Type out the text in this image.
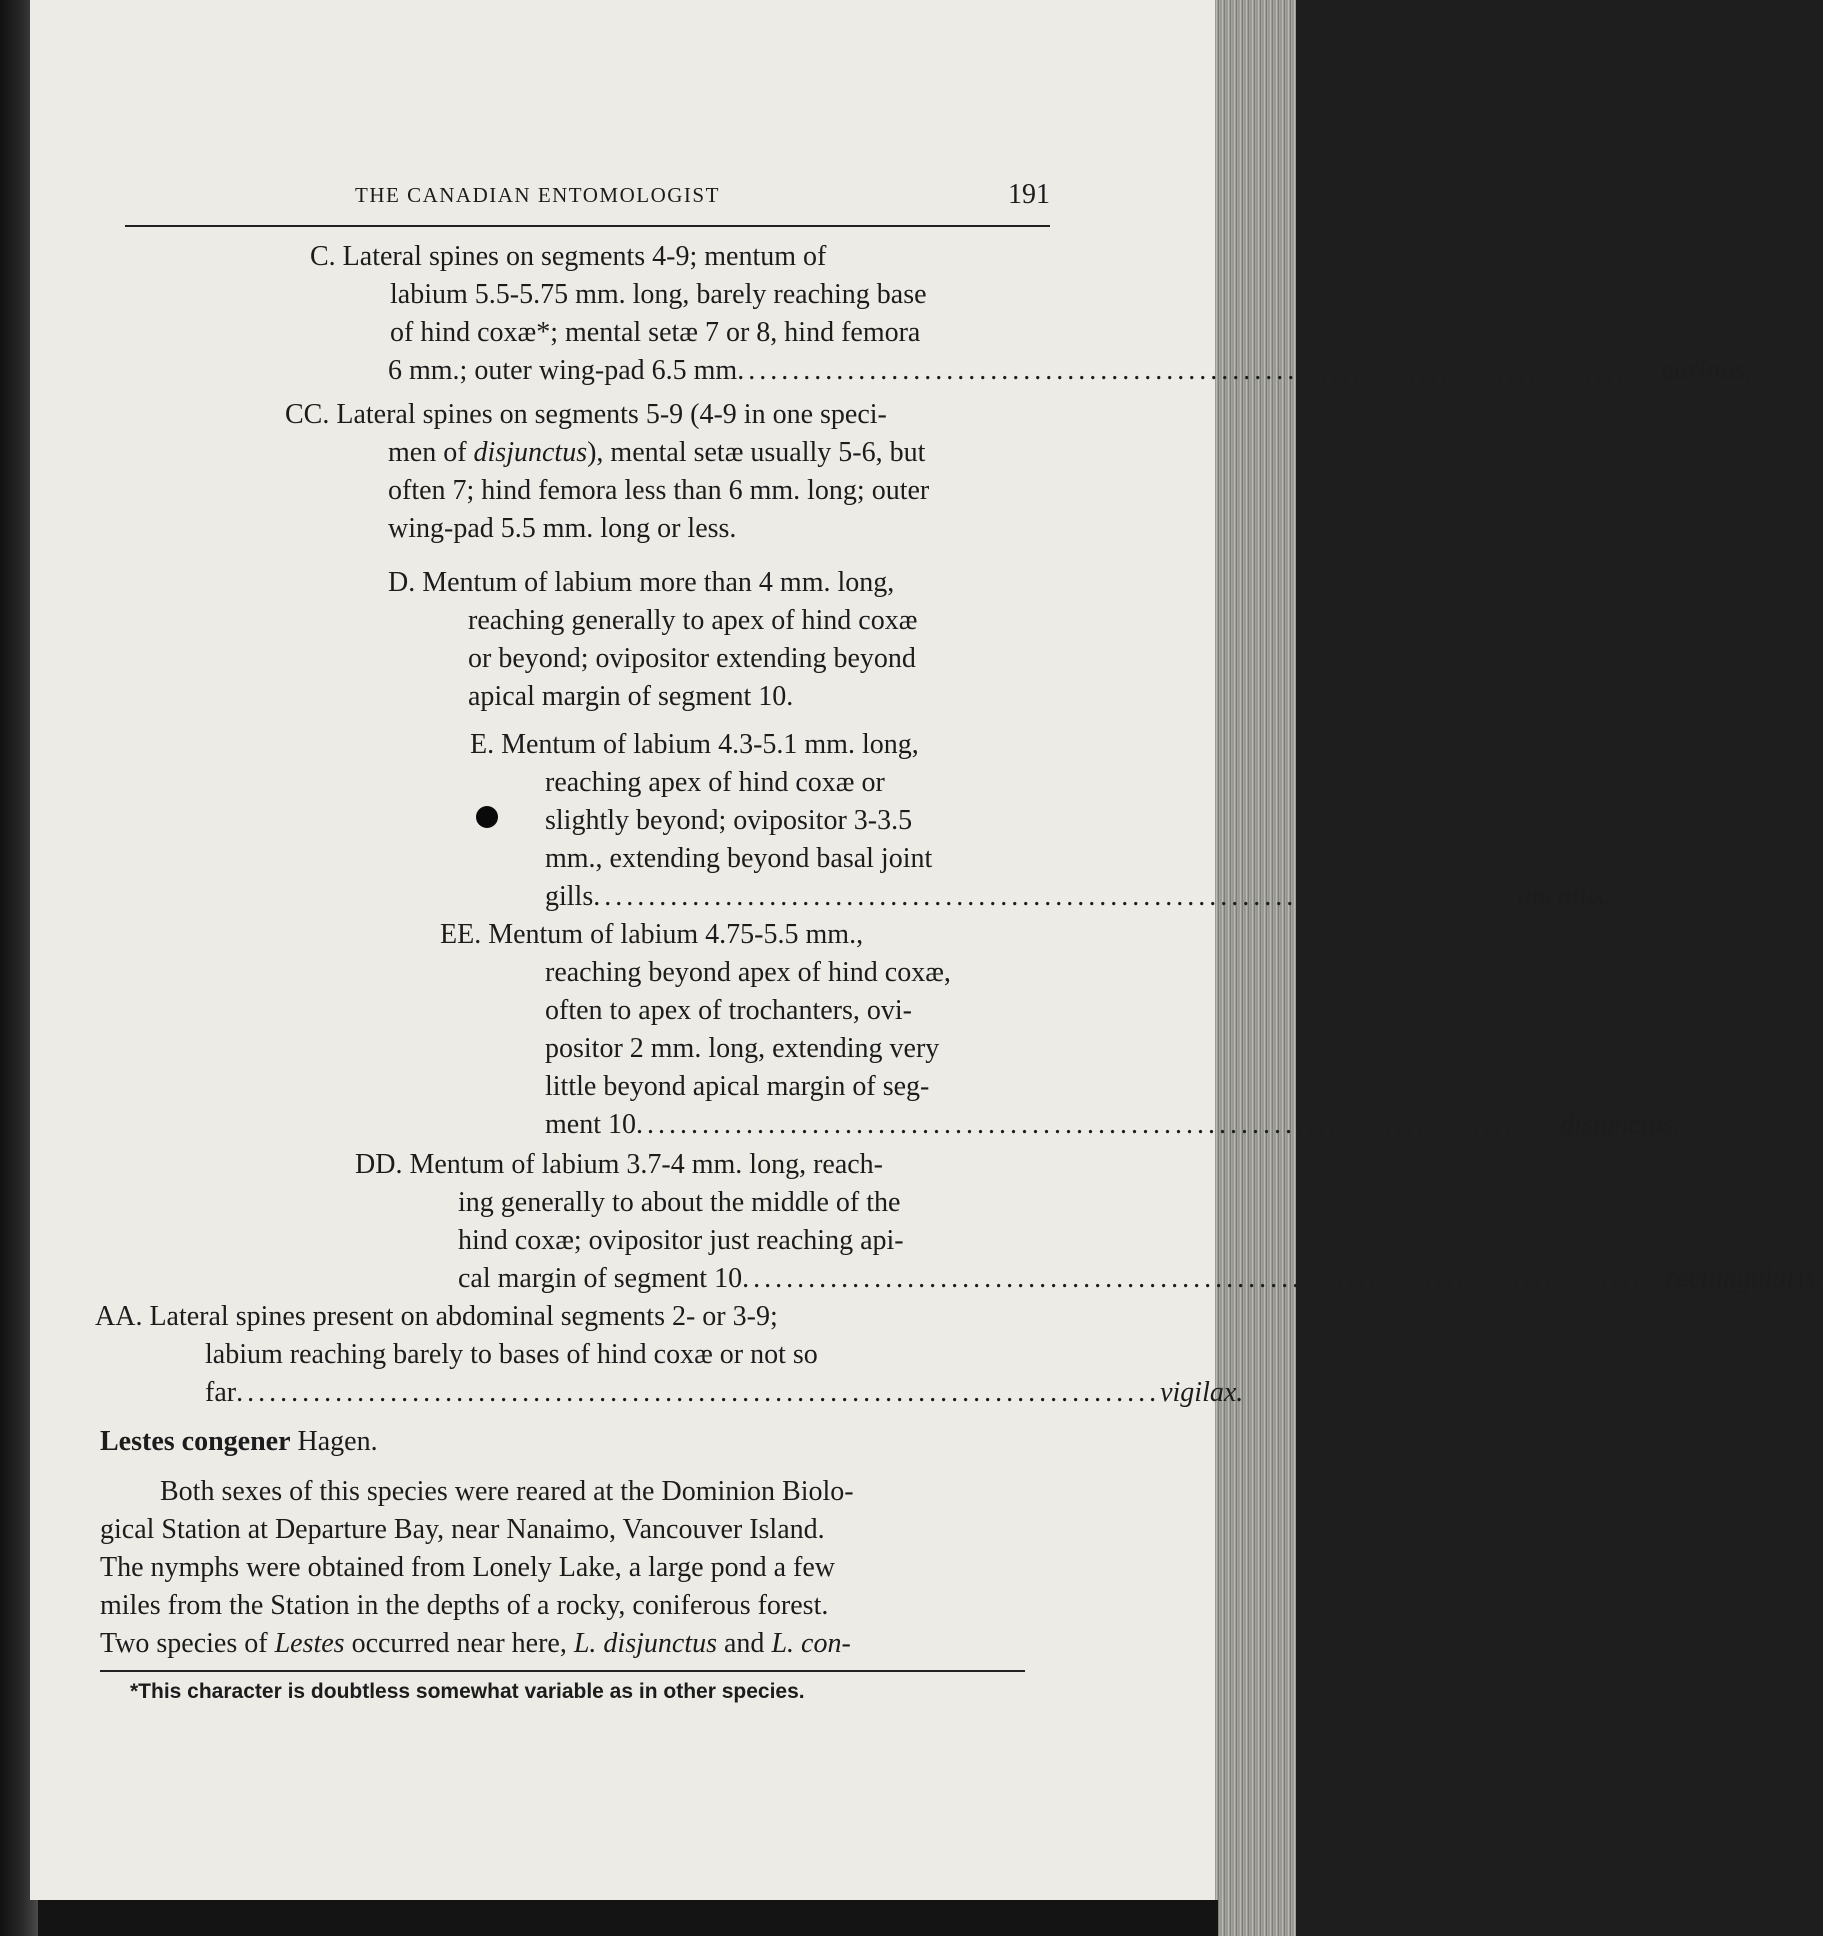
THE CANADIAN ENTOMOLOGIST	191
C. Lateral spines on segments 4-9; mentum of
labium 5.5-5.75 mm. long, barely reaching base
of hind coxæ*; mental setæ 7 or 8, hind femora
6 mm.; outer wing-pad 6.5 mm .................................................................................... eurinus.
CC. Lateral spines on segments 5-9 (4-9 in one speci-
men of disjunctus), mental setæ usually 5-6, but
often 7; hind femora less than 6 mm. long; outer
wing-pad 5.5 mm. long or less.
D. Mentum of labium more than 4 mm. long,
reaching generally to apex of hind coxæ
or beyond; ovipositor extending beyond
apical margin of segment 10.
E. Mentum of labium 4.3-5.1 mm. long,
reaching apex of hind coxæ or
slightly beyond; ovipositor 3-3.5
mm., extending beyond basal joint
gills .................................................................................... uncatus.
EE. Mentum of labium 4.75-5.5 mm.,
reaching beyond apex of hind coxæ,
often to apex of trochanters, ovi-
positor 2 mm. long, extending very
little beyond apical margin of seg-
ment 10 .................................................................................... disjunctus.
DD. Mentum of labium 3.7-4 mm. long, reach-
ing generally to about the middle of the
hind coxæ; ovipositor just reaching api-
cal margin of segment 10 .................................................................................... rectangularis.
AA. Lateral spines present on abdominal segments 2- or 3-9;
labium reaching barely to bases of hind coxæ or not so
far .................................................................................... vigilax.
Lestes congener Hagen.
Both sexes of this species were reared at the Dominion Biolo-
gical Station at Departure Bay, near Nanaimo, Vancouver Island.
The nymphs were obtained from Lonely Lake, a large pond a few
miles from the Station in the depths of a rocky, coniferous forest.
Two species of Lestes occurred near here, L. disjunctus and L. con-
*This character is doubtless somewhat variable as in other species.
